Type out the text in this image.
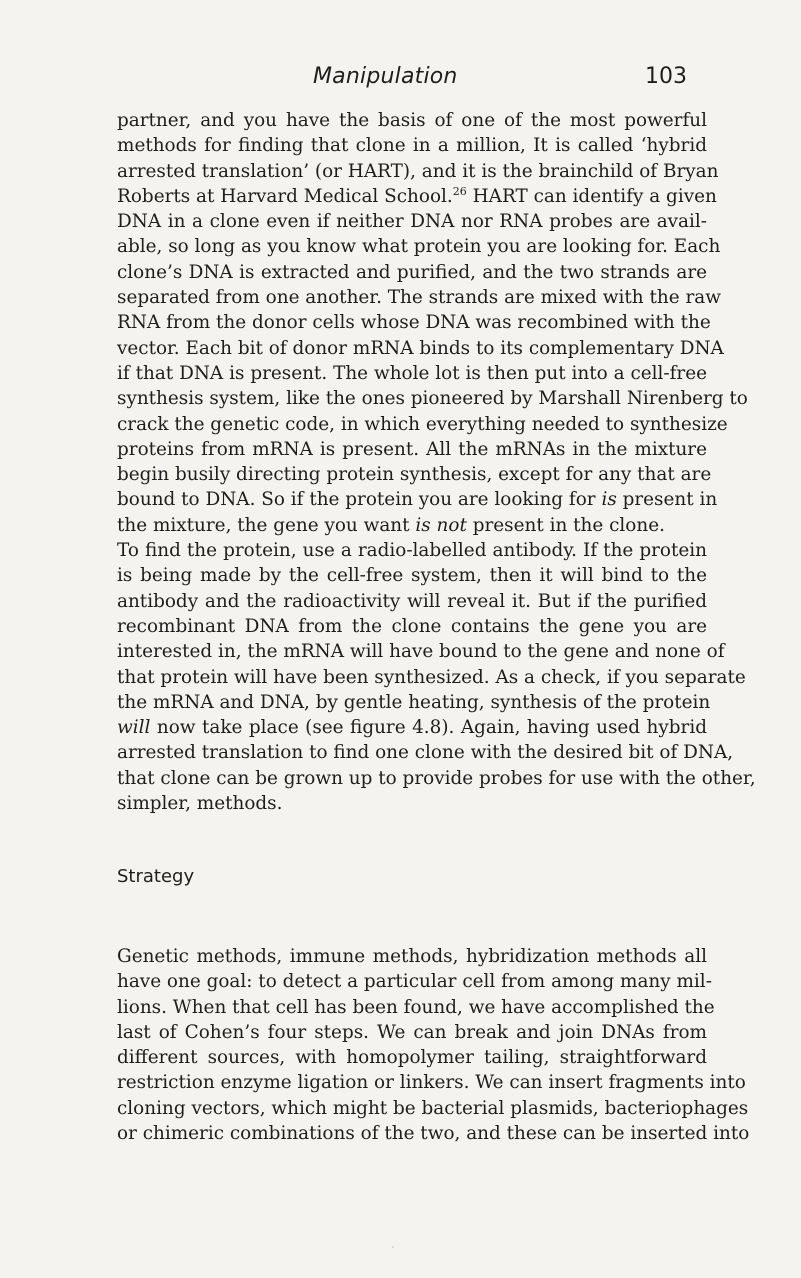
Manipulation	103

partner, and you have the basis of one of the most powerful
methods for finding that clone in a million, It is called ‘hybrid
arrested translation’ (or HART), and it is the brainchild of Bryan
Roberts at Harvard Medical School.$^{26}$ HART can identify a given
DNA in a clone even if neither DNA nor RNA probes are avail-
able, so long as you know what protein you are looking for. Each
clone’s DNA is extracted and purified, and the two strands are
separated from one another. The strands are mixed with the raw
RNA from the donor cells whose DNA was recombined with the
vector. Each bit of donor mRNA binds to its complementary DNA
if that DNA is present. The whole lot is then put into a cell-free
synthesis system, like the ones pioneered by Marshall Nirenberg to
crack the genetic code, in which everything needed to synthesize
proteins from mRNA is present. All the mRNAs in the mixture
begin busily directing protein synthesis, except for any that are
bound to DNA. So if the protein you are looking for is present in
the mixture, the gene you want is not present in the clone.

To find the protein, use a radio-labelled antibody. If the protein
is being made by the cell-free system, then it will bind to the
antibody and the radioactivity will reveal it. But if the purified
recombinant DNA from the clone contains the gene you are
interested in, the mRNA will have bound to the gene and none of
that protein will have been synthesized. As a check, if you separate
the mRNA and DNA, by gentle heating, synthesis of the protein
will now take place (see figure 4.8). Again, having used hybrid
arrested translation to find one clone with the desired bit of DNA,
that clone can be grown up to provide probes for use with the other,
simpler, methods.

Strategy

Genetic methods, immune methods, hybridization methods all
have one goal: to detect a particular cell from among many mil-
lions. When that cell has been found, we have accomplished the
last of Cohen’s four steps. We can break and join DNAs from
different sources, with homopolymer tailing, straightforward
restriction enzyme ligation or linkers. We can insert fragments into
cloning vectors, which might be bacterial plasmids, bacteriophages
or chimeric combinations of the two, and these can be inserted into
